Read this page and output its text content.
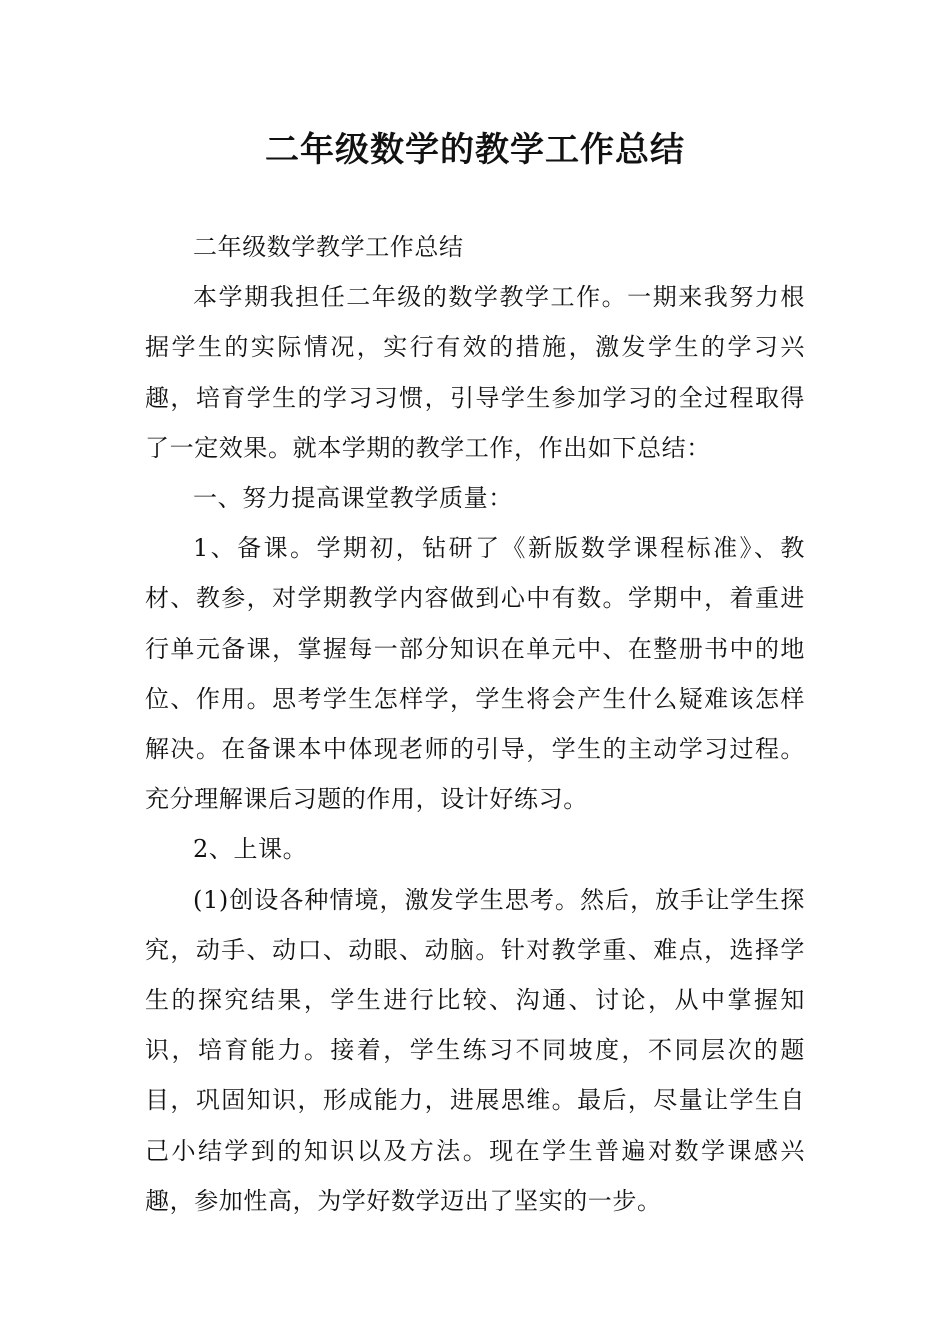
二年级数学的教学工作总结

二年级数学教学工作总结

本学期我担任二年级的数学教学工作。一期来我努力根据学生的实际情况，实行有效的措施，激发学生的学习兴趣，培育学生的学习习惯，引导学生参加学习的全过程取得了一定效果。就本学期的教学工作，作出如下总结：

一、努力提高课堂教学质量：

1、备课。学期初，钻研了《新版数学课程标准》、教材、教参，对学期教学内容做到心中有数。学期中，着重进行单元备课，掌握每一部分知识在单元中、在整册书中的地位、作用。思考学生怎样学，学生将会产生什么疑难该怎样解决。在备课本中体现老师的引导，学生的主动学习过程。充分理解课后习题的作用，设计好练习。

2、上课。

(1)创设各种情境，激发学生思考。然后，放手让学生探究，动手、动口、动眼、动脑。针对教学重、难点，选择学生的探究结果，学生进行比较、沟通、讨论，从中掌握知识，培育能力。接着，学生练习不同坡度，不同层次的题目，巩固知识，形成能力，进展思维。最后，尽量让学生自己小结学到的知识以及方法。现在学生普遍对数学课感兴趣，参加性高，为学好数学迈出了坚实的一步。
